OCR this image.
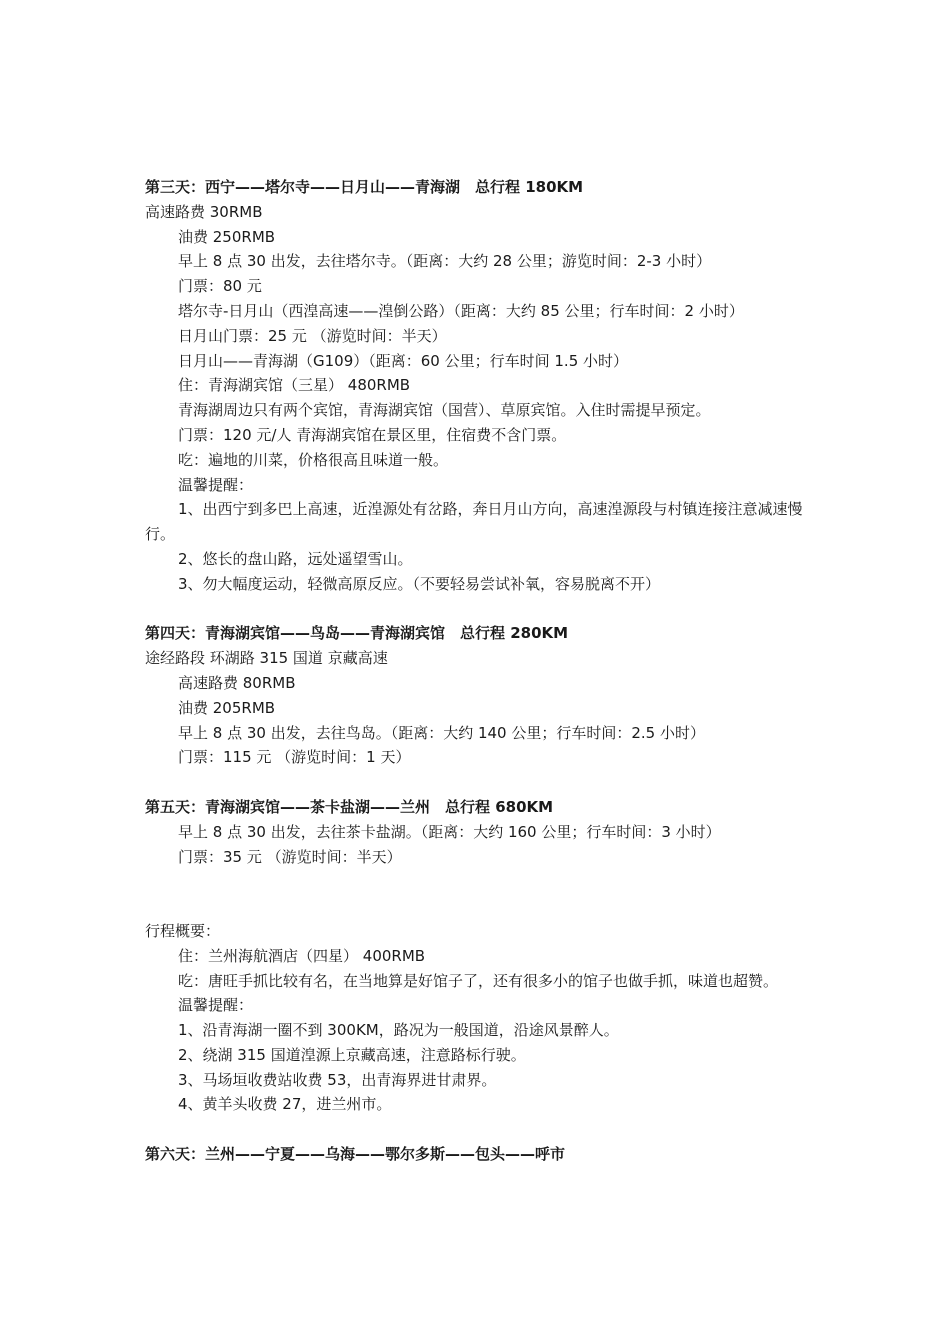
第三天：西宁——塔尔寺——日月山——青海湖　总行程 180KM
高速路费 30RMB
油费 250RMB
早上 8 点 30 出发，去往塔尔寺。（距离：大约 28 公里；游览时间：2-3 小时）
门票：80 元
塔尔寺-日月山（西湟高速——湟倒公路）（距离：大约 85 公里；行车时间：2 小时）
日月山门票：25 元 （游览时间：半天）
日月山——青海湖（G109）（距离：60 公里；行车时间 1.5 小时）
住：青海湖宾馆（三星） 480RMB
青海湖周边只有两个宾馆，青海湖宾馆（国营）、草原宾馆。入住时需提早预定。
门票：120 元/人 青海湖宾馆在景区里，住宿费不含门票。
吃：遍地的川菜，价格很高且味道一般。
温馨提醒：
1、出西宁到多巴上高速，近湟源处有岔路，奔日月山方向，高速湟源段与村镇连接注意减速慢行。
2、悠长的盘山路，远处遥望雪山。
3、勿大幅度运动，轻微高原反应。（不要轻易尝试补氧，容易脱离不开）
第四天：青海湖宾馆——鸟岛——青海湖宾馆　总行程 280KM
途经路段 环湖路 315 国道 京藏高速
高速路费 80RMB
油费 205RMB
早上 8 点 30 出发，去往鸟岛。（距离：大约 140 公里；行车时间：2.5 小时）
门票：115 元 （游览时间：1 天）
第五天：青海湖宾馆——茶卡盐湖——兰州　总行程 680KM
早上 8 点 30 出发，去往茶卡盐湖。（距离：大约 160 公里；行车时间：3 小时）
门票：35 元 （游览时间：半天）
行程概要：
住：兰州海航酒店（四星） 400RMB
吃：唐旺手抓比较有名，在当地算是好馆子了，还有很多小的馆子也做手抓，味道也超赞。
温馨提醒：
1、沿青海湖一圈不到 300KM，路况为一般国道，沿途风景醉人。
2、绕湖 315 国道湟源上京藏高速，注意路标行驶。
3、马场垣收费站收费 53，出青海界进甘肃界。
4、黄羊头收费 27，进兰州市。
第六天：兰州——宁夏——乌海——鄂尔多斯——包头——呼市
